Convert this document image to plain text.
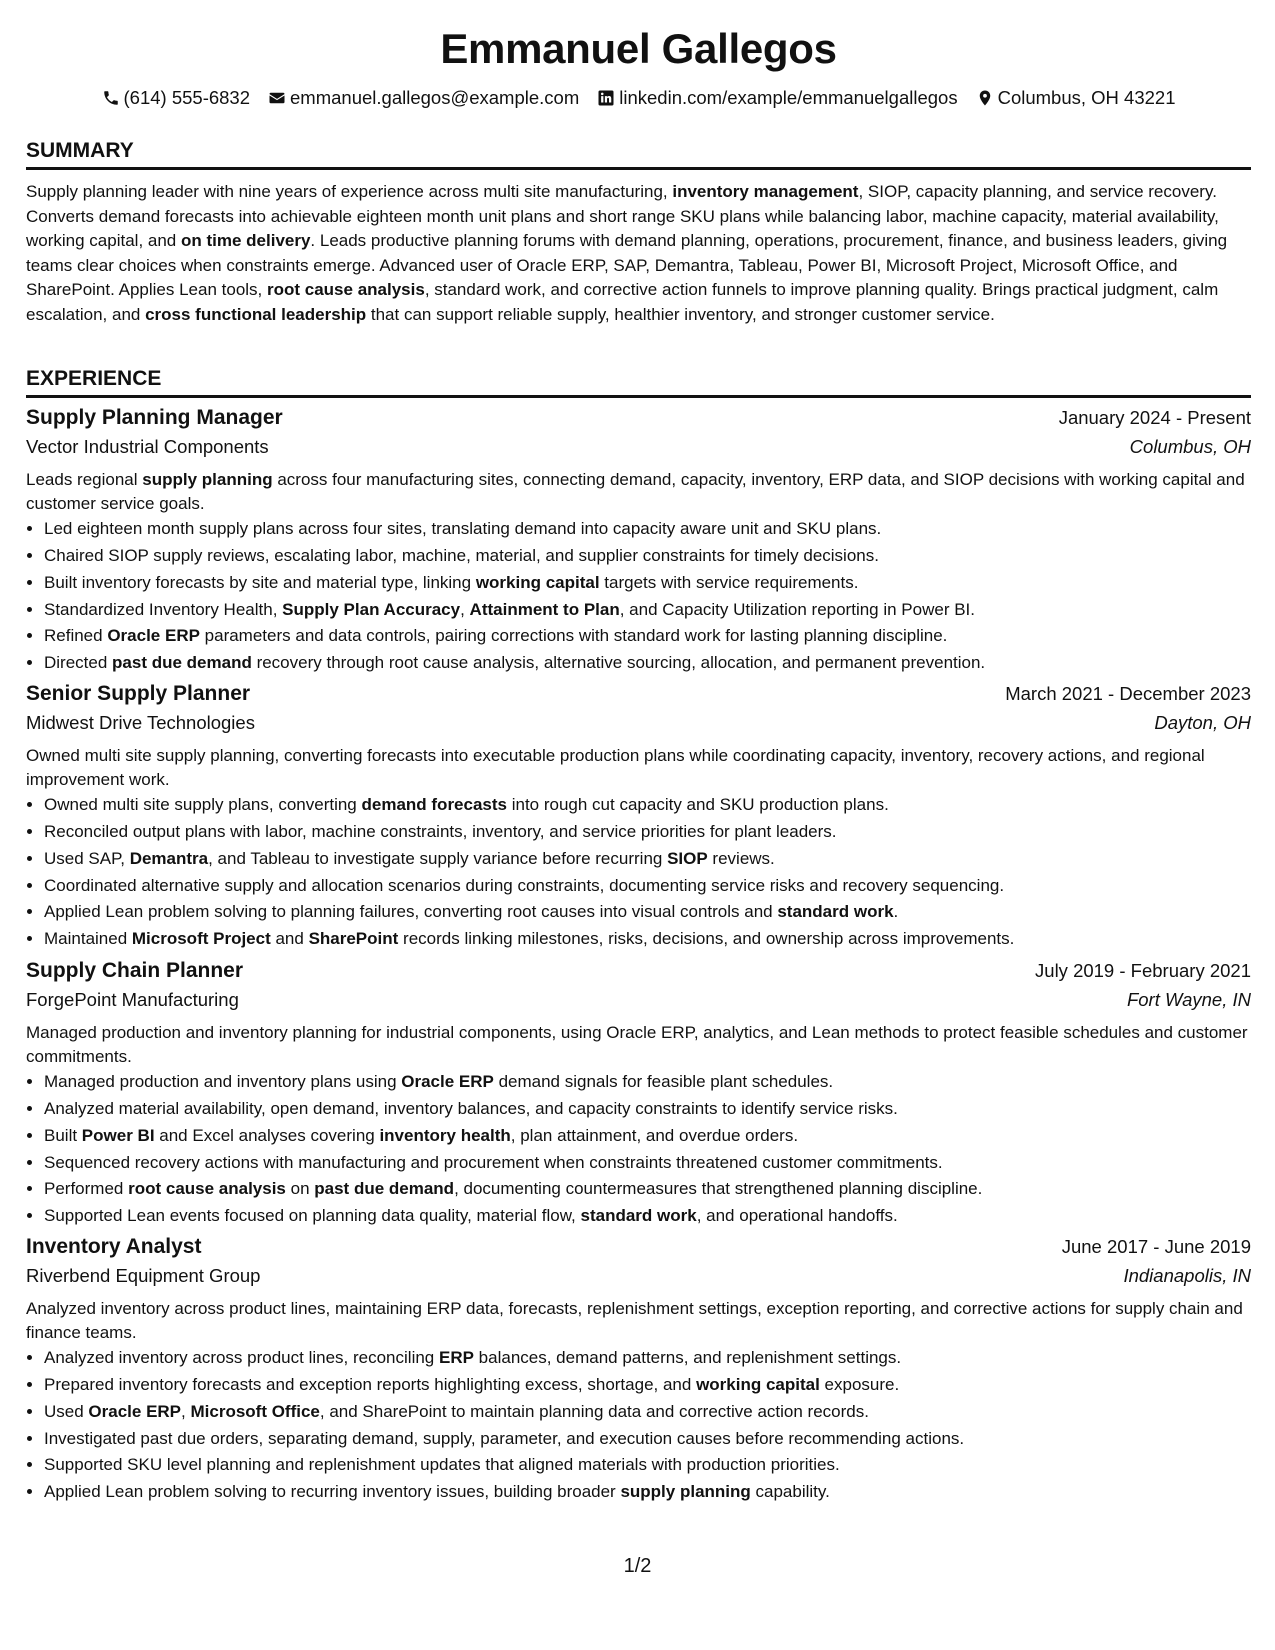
Emmanuel Gallegos
(614) 555-6832 emmanuel.gallegos@example.com linkedin.com/example/emmanuelgallegos Columbus, OH 43221
SUMMARY
Supply planning leader with nine years of experience across multi site manufacturing, inventory management, SIOP, capacity planning, and service recovery. Converts demand forecasts into achievable eighteen month unit plans and short range SKU plans while balancing labor, machine capacity, material availability, working capital, and on time delivery. Leads productive planning forums with demand planning, operations, procurement, finance, and business leaders, giving teams clear choices when constraints emerge. Advanced user of Oracle ERP, SAP, Demantra, Tableau, Power BI, Microsoft Project, Microsoft Office, and SharePoint. Applies Lean tools, root cause analysis, standard work, and corrective action funnels to improve planning quality. Brings practical judgment, calm escalation, and cross functional leadership that can support reliable supply, healthier inventory, and stronger customer service.
EXPERIENCE
Supply Planning Manager	January 2024 - Present
Vector Industrial Components	Columbus, OH
Leads regional supply planning across four manufacturing sites, connecting demand, capacity, inventory, ERP data, and SIOP decisions with working capital and customer service goals.
• Led eighteen month supply plans across four sites, translating demand into capacity aware unit and SKU plans.
• Chaired SIOP supply reviews, escalating labor, machine, material, and supplier constraints for timely decisions.
• Built inventory forecasts by site and material type, linking working capital targets with service requirements.
• Standardized Inventory Health, Supply Plan Accuracy, Attainment to Plan, and Capacity Utilization reporting in Power BI.
• Refined Oracle ERP parameters and data controls, pairing corrections with standard work for lasting planning discipline.
• Directed past due demand recovery through root cause analysis, alternative sourcing, allocation, and permanent prevention.
Senior Supply Planner	March 2021 - December 2023
Midwest Drive Technologies	Dayton, OH
Owned multi site supply planning, converting forecasts into executable production plans while coordinating capacity, inventory, recovery actions, and regional improvement work.
• Owned multi site supply plans, converting demand forecasts into rough cut capacity and SKU production plans.
• Reconciled output plans with labor, machine constraints, inventory, and service priorities for plant leaders.
• Used SAP, Demantra, and Tableau to investigate supply variance before recurring SIOP reviews.
• Coordinated alternative supply and allocation scenarios during constraints, documenting service risks and recovery sequencing.
• Applied Lean problem solving to planning failures, converting root causes into visual controls and standard work.
• Maintained Microsoft Project and SharePoint records linking milestones, risks, decisions, and ownership across improvements.
Supply Chain Planner	July 2019 - February 2021
ForgePoint Manufacturing	Fort Wayne, IN
Managed production and inventory planning for industrial components, using Oracle ERP, analytics, and Lean methods to protect feasible schedules and customer commitments.
• Managed production and inventory plans using Oracle ERP demand signals for feasible plant schedules.
• Analyzed material availability, open demand, inventory balances, and capacity constraints to identify service risks.
• Built Power BI and Excel analyses covering inventory health, plan attainment, and overdue orders.
• Sequenced recovery actions with manufacturing and procurement when constraints threatened customer commitments.
• Performed root cause analysis on past due demand, documenting countermeasures that strengthened planning discipline.
• Supported Lean events focused on planning data quality, material flow, standard work, and operational handoffs.
Inventory Analyst	June 2017 - June 2019
Riverbend Equipment Group	Indianapolis, IN
Analyzed inventory across product lines, maintaining ERP data, forecasts, replenishment settings, exception reporting, and corrective actions for supply chain and finance teams.
• Analyzed inventory across product lines, reconciling ERP balances, demand patterns, and replenishment settings.
• Prepared inventory forecasts and exception reports highlighting excess, shortage, and working capital exposure.
• Used Oracle ERP, Microsoft Office, and SharePoint to maintain planning data and corrective action records.
• Investigated past due orders, separating demand, supply, parameter, and execution causes before recommending actions.
• Supported SKU level planning and replenishment updates that aligned materials with production priorities.
• Applied Lean problem solving to recurring inventory issues, building broader supply planning capability.
1/2
